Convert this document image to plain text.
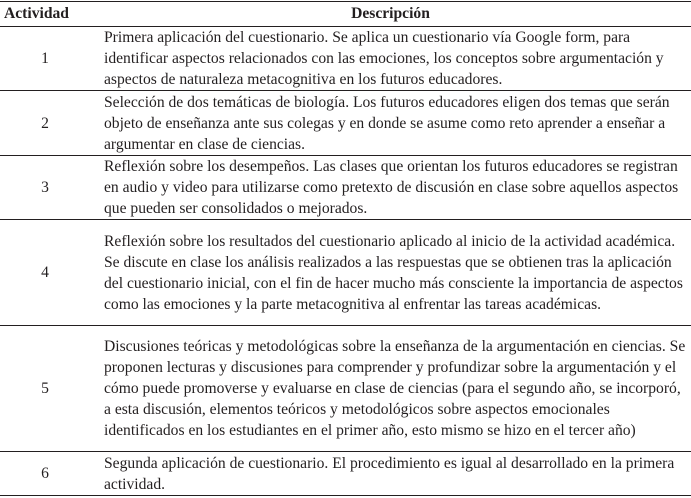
Actividad	Descripción
1	Primera aplicación del cuestionario. Se aplica un cuestionario vía Google form, para identificar aspectos relacionados con las emociones, los conceptos sobre argumentación y aspectos de naturaleza metacognitiva en los futuros educadores.
2	Selección de dos temáticas de biología. Los futuros educadores eligen dos temas que serán objeto de enseñanza ante sus colegas y en donde se asume como reto aprender a enseñar a argumentar en clase de ciencias.
3	Reflexión sobre los desempeños. Las clases que orientan los futuros educadores se registran en audio y video para utilizarse como pretexto de discusión en clase sobre aquellos aspectos que pueden ser consolidados o mejorados.
4	Reflexión sobre los resultados del cuestionario aplicado al inicio de la actividad académica. Se discute en clase los análisis realizados a las respuestas que se obtienen tras la aplicación del cuestionario inicial, con el fin de hacer mucho más consciente la importancia de aspectos como las emociones y la parte metacognitiva al enfrentar las tareas académicas.
5	Discusiones teóricas y metodológicas sobre la enseñanza de la argumentación en ciencias. Se proponen lecturas y discusiones para comprender y profundizar sobre la argumentación y el cómo puede promoverse y evaluarse en clase de ciencias (para el segundo año, se incorporó, a esta discusión, elementos teóricos y metodológicos sobre aspectos emocionales identificados en los estudiantes en el primer año, esto mismo se hizo en el tercer año)
6	Segunda aplicación de cuestionario. El procedimiento es igual al desarrollado en la primera actividad.
